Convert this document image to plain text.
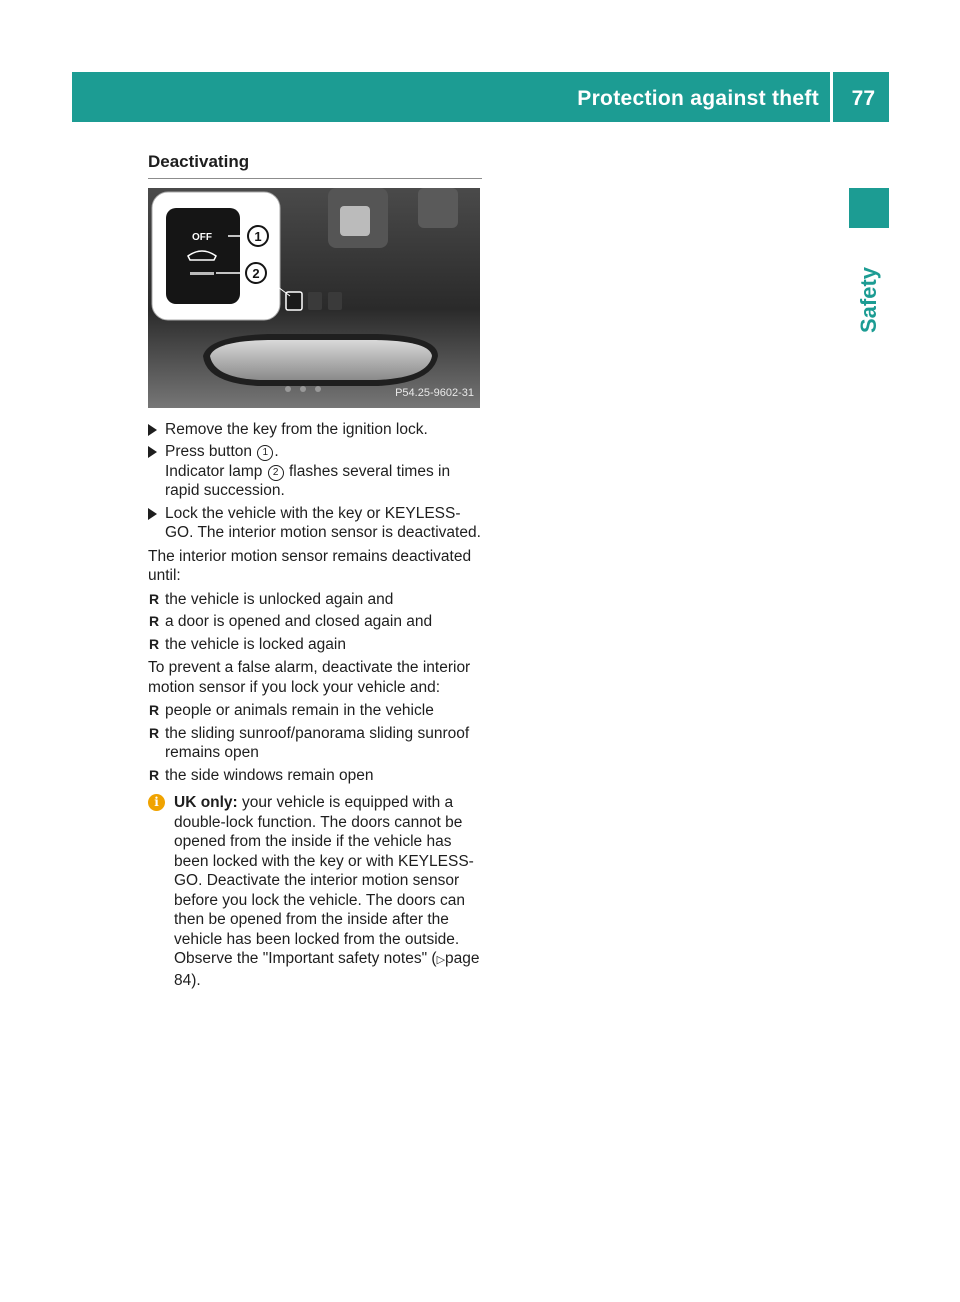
Protection against theft 77
Safety
Deactivating
OFF	1
2
P54.25-9602-31
Remove the key from the ignition lock.
Press button 1 .
Indicator lamp 2 flashes several times in rapid succession.
Lock the vehicle with the key or KEYLESS-GO. The interior motion sensor is deactivated.
The interior motion sensor remains deactivated until:
R the vehicle is unlocked again and
R a door is opened and closed again and
R the vehicle is locked again
To prevent a false alarm, deactivate the interior motion sensor if you lock your vehicle and:
R people or animals remain in the vehicle
R the sliding sunroof/panorama sliding sunroof remains open
R the side windows remain open
i UK only: your vehicle is equipped with a double-lock function. The doors cannot be opened from the inside if the vehicle has been locked with the key or with KEYLESS-GO. Deactivate the interior motion sensor before you lock the vehicle. The doors can then be opened from the inside after the vehicle has been locked from the outside. Observe the "Important safety notes" (▷page 84).
